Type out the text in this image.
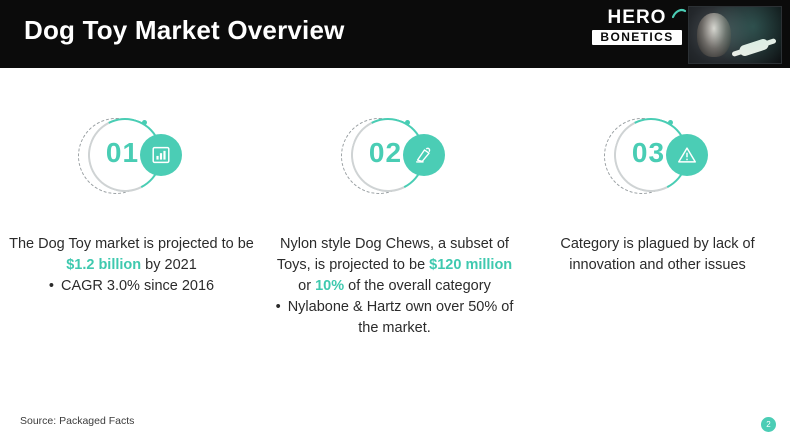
Dog Toy Market Overview	HERO
BONETICS
01
The Dog Toy market is projected to be $1.2 billion by 2021
• CAGR 3.0% since 2016
02
Nylon style Dog Chews, a subset of Toys, is projected to be $120 million or 10% of the overall category
• Nylabone & Hartz own over 50% of the market.
03
Category is plagued by lack of innovation and other issues
Source: Packaged Facts	2
